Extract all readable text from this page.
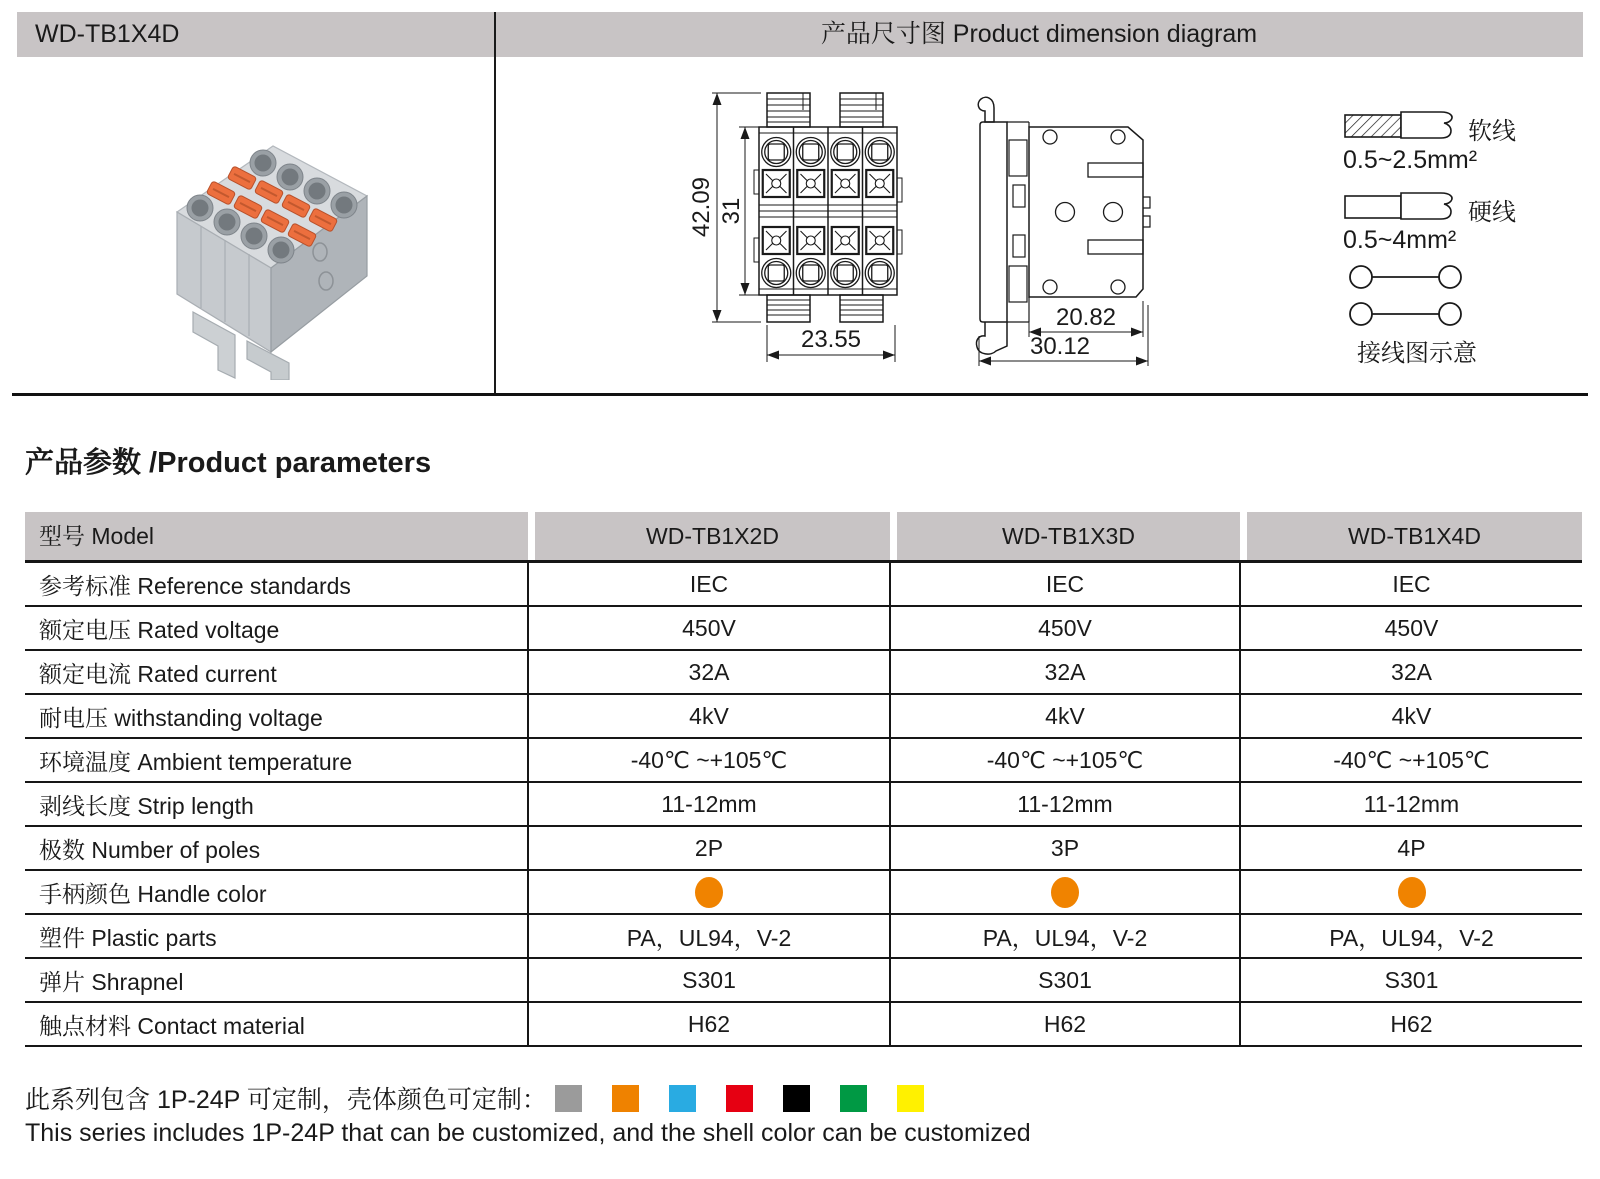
WD-TB1X4D	产品尺寸图 Product dimension diagram
42.09 31
23.55
20.82
30.12
软线
0.5~2.5mm²
硬线
0.5~4mm²
接线图示意
产品参数 /Product parameters
型号 Model	WD-TB1X2D	WD-TB1X3D	WD-TB1X4D
参考标准 Reference standards	IEC	IEC	IEC
额定电压 Rated voltage	450V	450V	450V
额定电流 Rated current	32A	32A	32A
耐电压 withstanding voltage	4kV	4kV	4kV
环境温度 Ambient temperature	-40℃ ~+105℃	-40℃ ~+105℃	-40℃ ~+105℃
剥线长度 Strip length	11-12mm	11-12mm	11-12mm
极数 Number of poles	2P	3P	4P
手柄颜色 Handle color			
塑件 Plastic parts	PA，UL94，V-2	PA，UL94，V-2	PA，UL94，V-2
弹片 Shrapnel	S301	S301	S301
触点材料 Contact material	H62	H62	H62
此系列包含 1P-24P 可定制，壳体颜色可定制：
This series includes 1P-24P that can be customized, and the shell color can be customized
